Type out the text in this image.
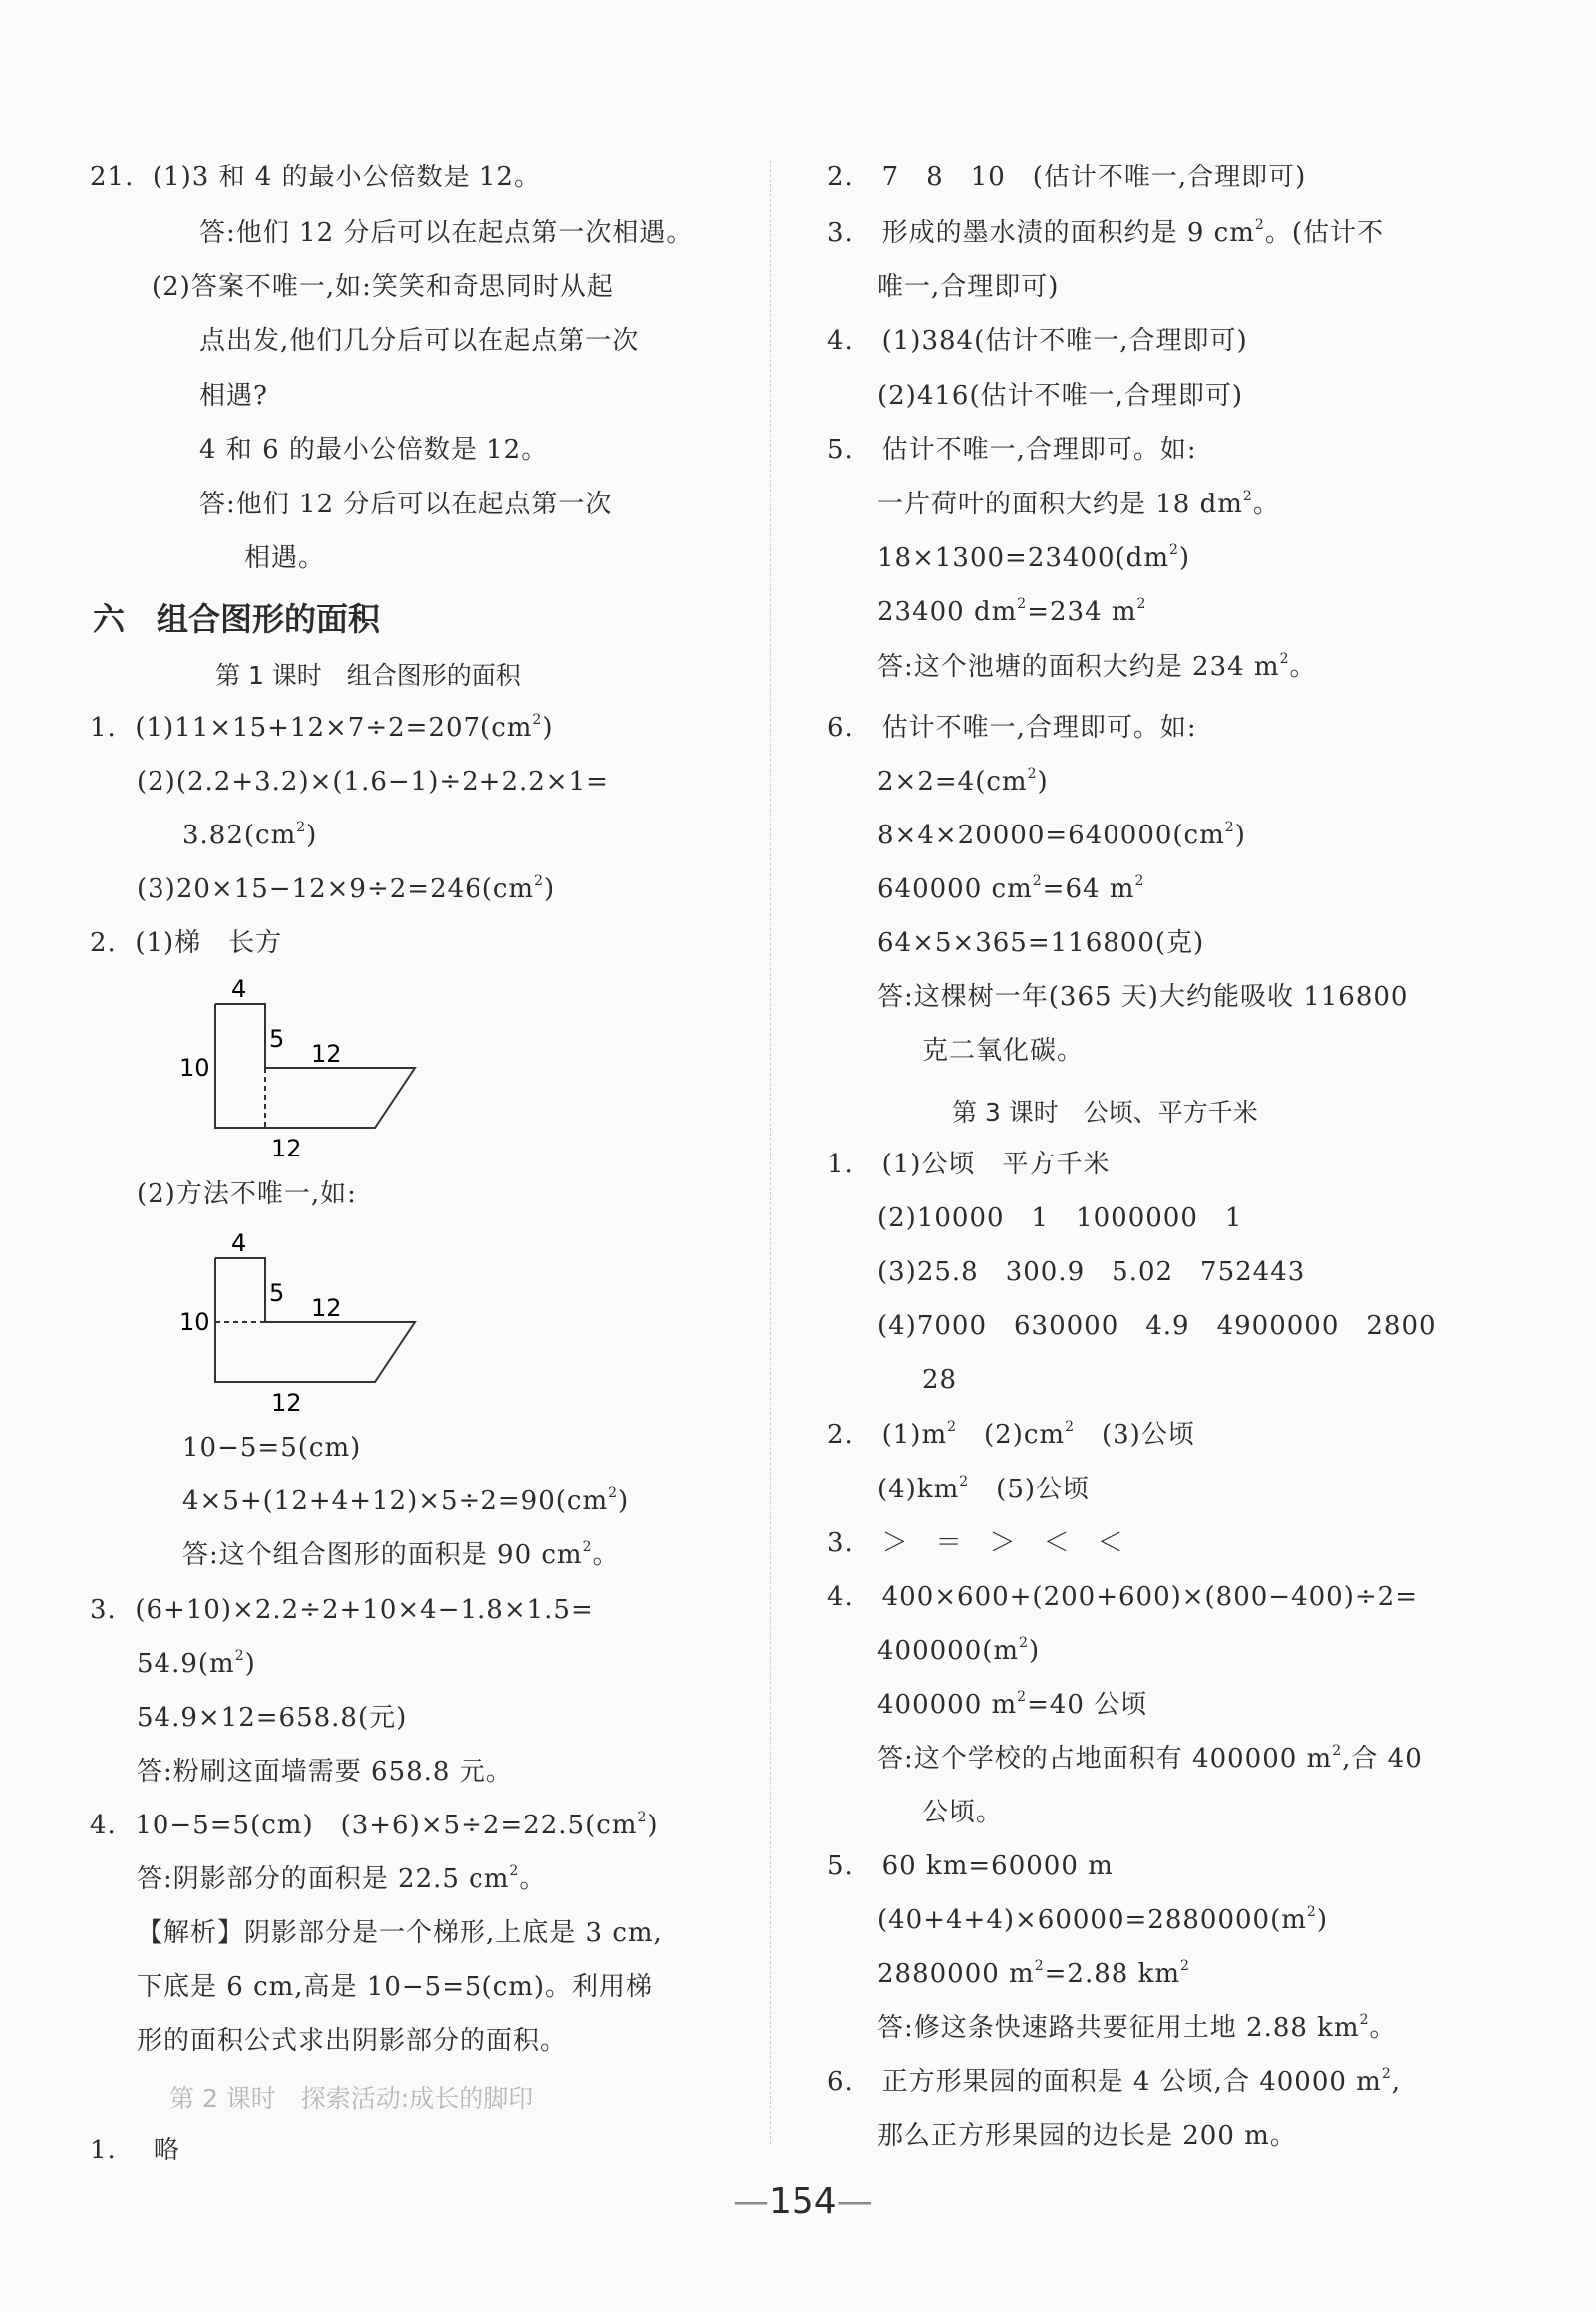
21. (1)3 和 4 的最小公倍数是 12。
答:他们 12 分后可以在起点第一次相遇。
(2)答案不唯一,如:笑笑和奇思同时从起
点出发,他们几分后可以在起点第一次
相遇?
4 和 6 的最小公倍数是 12。
答:他们 12 分后可以在起点第一次
相遇。
六　组合图形的面积
第 1 课时　组合图形的面积
1. $(1)11\times 15+12\times 7\div 2=207(cm^2)$
(2)(2.2+3.2)×(1.6−1)÷2+2.2×1=
$3.82(cm^2)$
$(3)20\times 15-12\times 9\div 2=246(cm^2)$
2. (1)梯　长方
4
5
12
10
12
(2)方法不唯一,如:
4
5
12
10
12
10−5=5(cm)
$4\times 5+(12+4+12)\times 5\div 2=90(cm^2)$
答:这个组合图形的面积是 90 $cm^2$。
3. (6+10)×2.2÷2+10×4−1.8×1.5=
$54.9(m^2)$
54.9×12=658.8(元)
答:粉刷这面墙需要 658.8 元。
4. 10−5=5(cm)　$(3+6)\times 5\div 2=22.5(cm^2)$
答:阴影部分的面积是 22.5 $cm^2$。
【解析】阴影部分是一个梯形,上底是 3 cm,
下底是 6 cm,高是 10−5=5(cm)。利用梯
形的面积公式求出阴影部分的面积。
第 2 课时　探索活动:成长的脚印
1. 略
2. 7　8　10　(估计不唯一,合理即可)
3. 形成的墨水渍的面积约是 9 $cm^2$。(估计不
唯一,合理即可)
4. (1)384(估计不唯一,合理即可)
(2)416(估计不唯一,合理即可)
5. 估计不唯一,合理即可。如:
一片荷叶的面积大约是 18 $dm^2$。
$18\times 1300=23400(dm^2)$
23400 $dm^2=234$ $m^2$
答:这个池塘的面积大约是 234 $m^2$。
6. 估计不唯一,合理即可。如:
$2\times 2=4(cm^2)$
$8\times 4\times 20000=640000(cm^2)$
640000 $cm^2=64$ $m^2$
64×5×365=116800(克)
答:这棵树一年(365 天)大约能吸收 116800
克二氧化碳。
第 3 课时　公顷、平方千米
1. (1)公顷　平方千米
(2)10000　1　1000000　1
(3)25.8　300.9　5.02　752443
(4)7000　630000　4.9　4900000　2800
28
2. $(1)m^2$　$(2)cm^2$　(3)公顷
$(4)km^2$　(5)公顷
3. ＞　＝　＞　＜　＜
4. 400×600+(200+600)×(800−400)÷2=
$400000(m^2)$
400000 $m^2=40$ 公顷
答:这个学校的占地面积有 400000 $m^2$,合 40
公顷。
5. 60 km=60000 m
$(40+4+4)\times 60000=2880000(m^2)$
2880000 $m^2=2.88$ $km^2$
答:修这条快速路共要征用土地 2.88 $km^2$。
6. 正方形果园的面积是 4 公顷,合 40000 $m^2$,
那么正方形果园的边长是 200 m。
—154—
